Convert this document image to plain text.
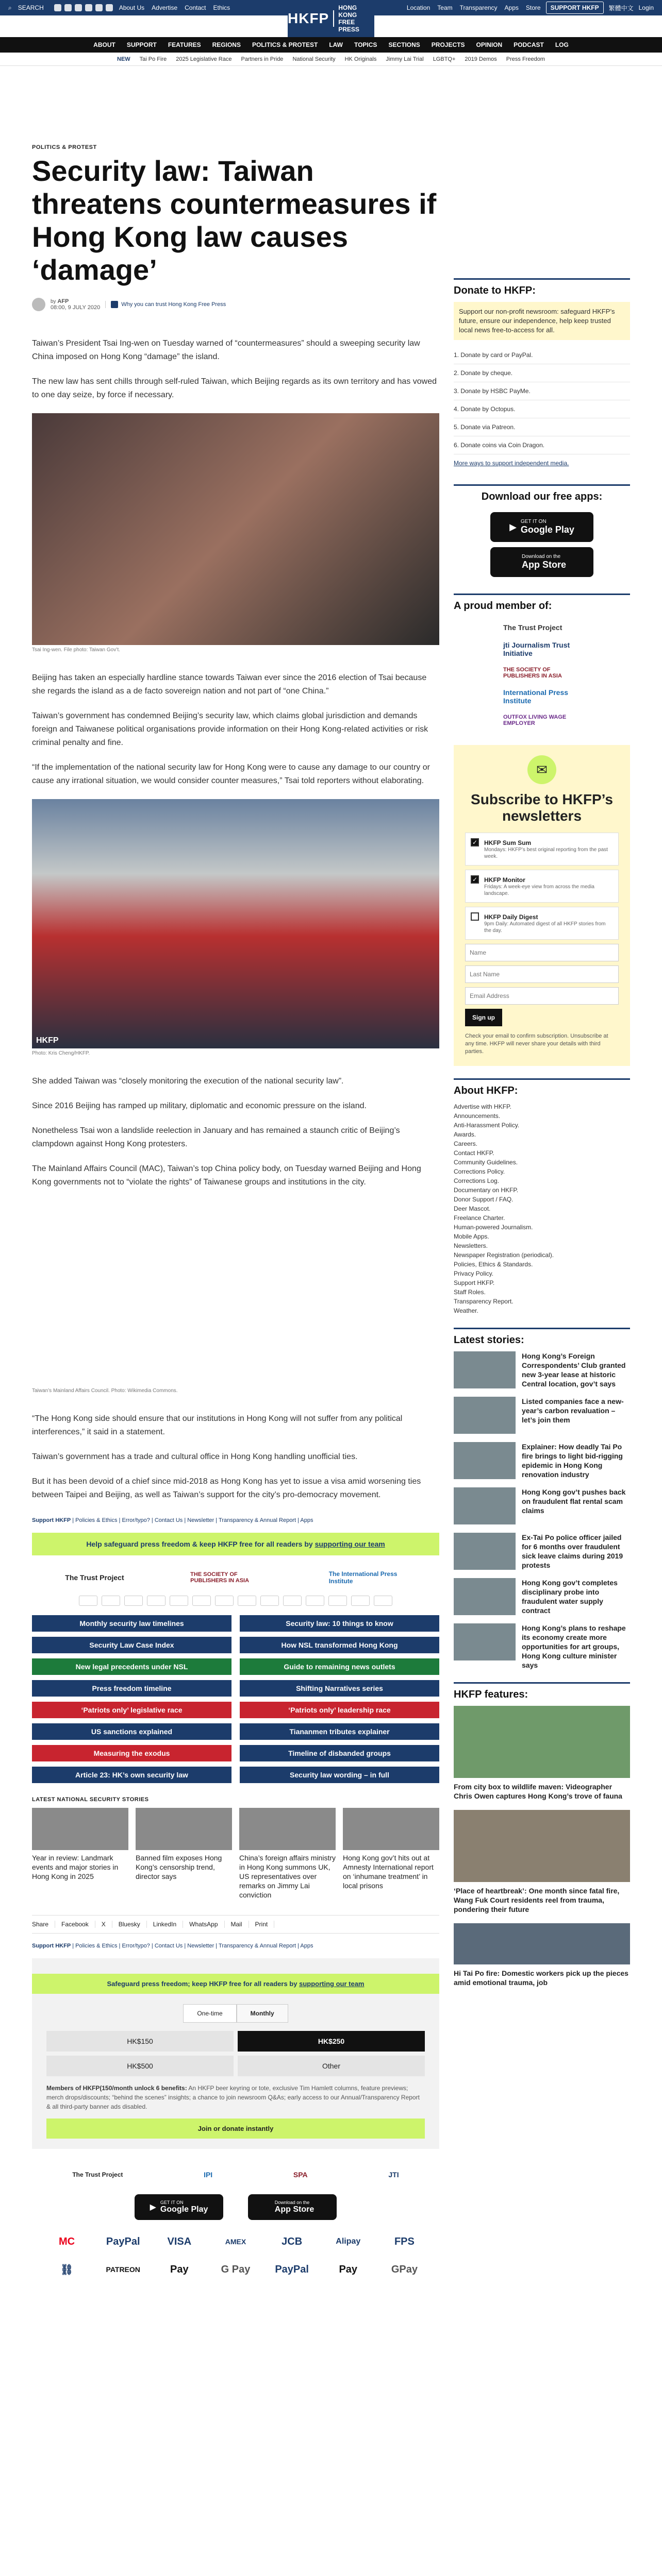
⌕ SEARCH	About Us Advertise Contact Ethics	Location Team Transparency Apps Store	SUPPORT HKFP	繁體中文 Login
HKFP
HONG KONG
FREE PRESS
ABOUT SUPPORT FEATURES REGIONS POLITICS & PROTEST LAW TOPICS SECTIONS PROJECTS OPINION PODCAST LOG
NEW Tai Po Fire 2025 Legislative Race Partners in Pride National Security HK Originals Jimmy Lai Trial LGBTQ+ 2019 Demos Press Freedom
POLITICS & PROTEST
Security law: Taiwan threatens countermeasures if Hong Kong law causes ‘damage’
by AFP
08:00, 9 JULY 2020	Why you can trust Hong Kong Free Press

Taiwan’s President Tsai Ing-wen on Tuesday warned of “countermeasures” should a sweeping security law China imposed on Hong Kong “damage” the island.

The new law has sent chills through self-ruled Taiwan, which Beijing regards as its own territory and has vowed to one day seize, by force if necessary.

Tsai Ing-wen. File photo: Taiwan Gov’t.

Beijing has taken an especially hardline stance towards Taiwan ever since the 2016 election of Tsai because she regards the island as a de facto sovereign nation and not part of “one China.”

Taiwan’s government has condemned Beijing’s security law, which claims global jurisdiction and demands foreign and Taiwanese political organisations provide information on their Hong Kong-related activities or risk criminal penalty and fine.

“If the implementation of the national security law for Hong Kong were to cause any damage to our country or cause any irrational situation, we would consider counter measures,” Tsai told reporters without elaborating.

HKFP
Photo: Kris Cheng/HKFP.

She added Taiwan was “closely monitoring the execution of the national security law”.

Since 2016 Beijing has ramped up military, diplomatic and economic pressure on the island.

Nonetheless Tsai won a landslide reelection in January and has remained a staunch critic of Beijing’s clampdown against Hong Kong protesters.

The Mainland Affairs Council (MAC), Taiwan’s top China policy body, on Tuesday warned Beijing and Hong Kong governments not to “violate the rights” of Taiwanese groups and institutions in the city.

Taiwan’s Mainland Affairs Council. Photo: Wikimedia Commons.

“The Hong Kong side should ensure that our institutions in Hong Kong will not suffer from any political interferences,” it said in a statement.

Taiwan’s government has a trade and cultural office in Hong Kong handling unofficial ties.

But it has been devoid of a chief since mid-2018 as Hong Kong has yet to issue a visa amid worsening ties between Taipei and Beijing, as well as Taiwan’s support for the city’s pro-democracy movement.

Support HKFP | Policies & Ethics | Error/typo? | Contact Us | Newsletter | Transparency & Annual Report | Apps
Help safeguard press freedom & keep HKFP free for all readers by supporting our team
The Trust Project	THE SOCIETY OF PUBLISHERS IN ASIA
The International Press Institute
Monthly security law timelines	Security law: 10 things to know
Security Law Case Index	How NSL transformed Hong Kong
New legal precedents under NSL	Guide to remaining news outlets
Press freedom timeline	Shifting Narratives series
‘Patriots only’ legislative race	‘Patriots only’ leadership race
US sanctions explained	Tiananmen tributes explainer
Measuring the exodus	Timeline of disbanded groups
Article 23: HK’s own security law	Security law wording – in full
LATEST NATIONAL SECURITY STORIES
Year in review: Landmark events and major stories in Hong Kong in 2025
Banned film exposes Hong Kong’s censorship trend, director says
China’s foreign affairs ministry in Hong Kong summons UK, US representatives over remarks on Jimmy Lai conviction
Hong Kong gov’t hits out at Amnesty International report on ‘inhumane treatment’ in local prisons
Share	Facebook	X	Bluesky	LinkedIn	WhatsApp	Mail	Print
Support HKFP | Policies & Ethics | Error/typo? | Contact Us | Newsletter | Transparency & Annual Report | Apps
Safeguard press freedom; keep HKFP free for all readers by supporting our team
One-time	Monthly
HK$150	HK$250
HK$500	Other
Members of HKFP(150/month unlock 6 benefits: An HKFP beer keyring or tote, exclusive Tim Hamlett columns, feature previews; merch drops/discounts; “behind the scenes” insights; a chance to join newsroom Q&As; early access to our Annual/Transparency Report & all third-party banner ads disabled.
Join or donate instantly
The Trust Project	IPI	SPA	JTI
▶
GET IT ON
Google Play
Download on the
App Store
MC	PayPal	VISA	AMEX	JCB	Alipay	FPS
⛓	PATREON	Pay	G Pay	PayPal	Pay	GPay
Donate to HKFP:
Support our non-profit newsroom: safeguard HKFP’s future, ensure our independence, help keep trusted local news free-to-access for all.
1. Donate by card or PayPal.
2. Donate by cheque.
3. Donate by HSBC PayMe.
4. Donate by Octopus.
5. Donate via Patreon.
6. Donate coins via Coin Dragon.
More ways to support independent media.
Download our free apps:
▶ GET IT ON
Google Play
Download on the
App Store
A proud member of:
The Trust Project
jti Journalism Trust Initiative
THE SOCIETY OF PUBLISHERS IN ASIA
International Press Institute
OUTFOX LIVING WAGE EMPLOYER
✉
Subscribe to HKFP’s newsletters
✓ HKFP Sum Sum

Mondays: HKFP’s best original reporting from the past week.

✓ HKFP Monitor

Fridays: A week-eye view from across the media landscape.

HKFP Daily Digest

9pm Daily: Automated digest of all HKFP stories from the day.

Name Last Name Email Address Sign up
Check your email to confirm subscription. Unsubscribe at any time. HKFP will never share your details with third parties.
About HKFP:
Advertise with HKFP.
Announcements.
Anti-Harassment Policy.
Awards.
Careers.
Contact HKFP.
Community Guidelines.
Corrections Policy.
Corrections Log.
Documentary on HKFP.
Donor Support / FAQ.
Deer Mascot.
Freelance Charter.
Human-powered Journalism.
Mobile Apps.
Newsletters.
Newspaper Registration (periodical).
Policies, Ethics & Standards.
Privacy Policy.
Support HKFP.
Staff Roles.
Transparency Report.
Weather.
Latest stories:
Hong Kong’s Foreign Correspondents’ Club granted new 3-year lease at historic Central location, gov’t says
Listed companies face a new-year’s carbon revaluation – let’s join them
Explainer: How deadly Tai Po fire brings to light bid-rigging epidemic in Hong Kong renovation industry
Hong Kong gov’t pushes back on fraudulent flat rental scam claims
Ex-Tai Po police officer jailed for 6 months over fraudulent sick leave claims during 2019 protests
Hong Kong gov’t completes disciplinary probe into fraudulent water supply contract
Hong Kong’s plans to reshape its economy create more opportunities for art groups, Hong Kong culture minister says
HKFP features:
From city box to wildlife maven: Videographer Chris Owen captures Hong Kong’s trove of fauna
‘Place of heartbreak’: One month since fatal fire, Wang Fuk Court residents reel from trauma, pondering their future
Hi Tai Po fire: Domestic workers pick up the pieces amid emotional trauma, job
